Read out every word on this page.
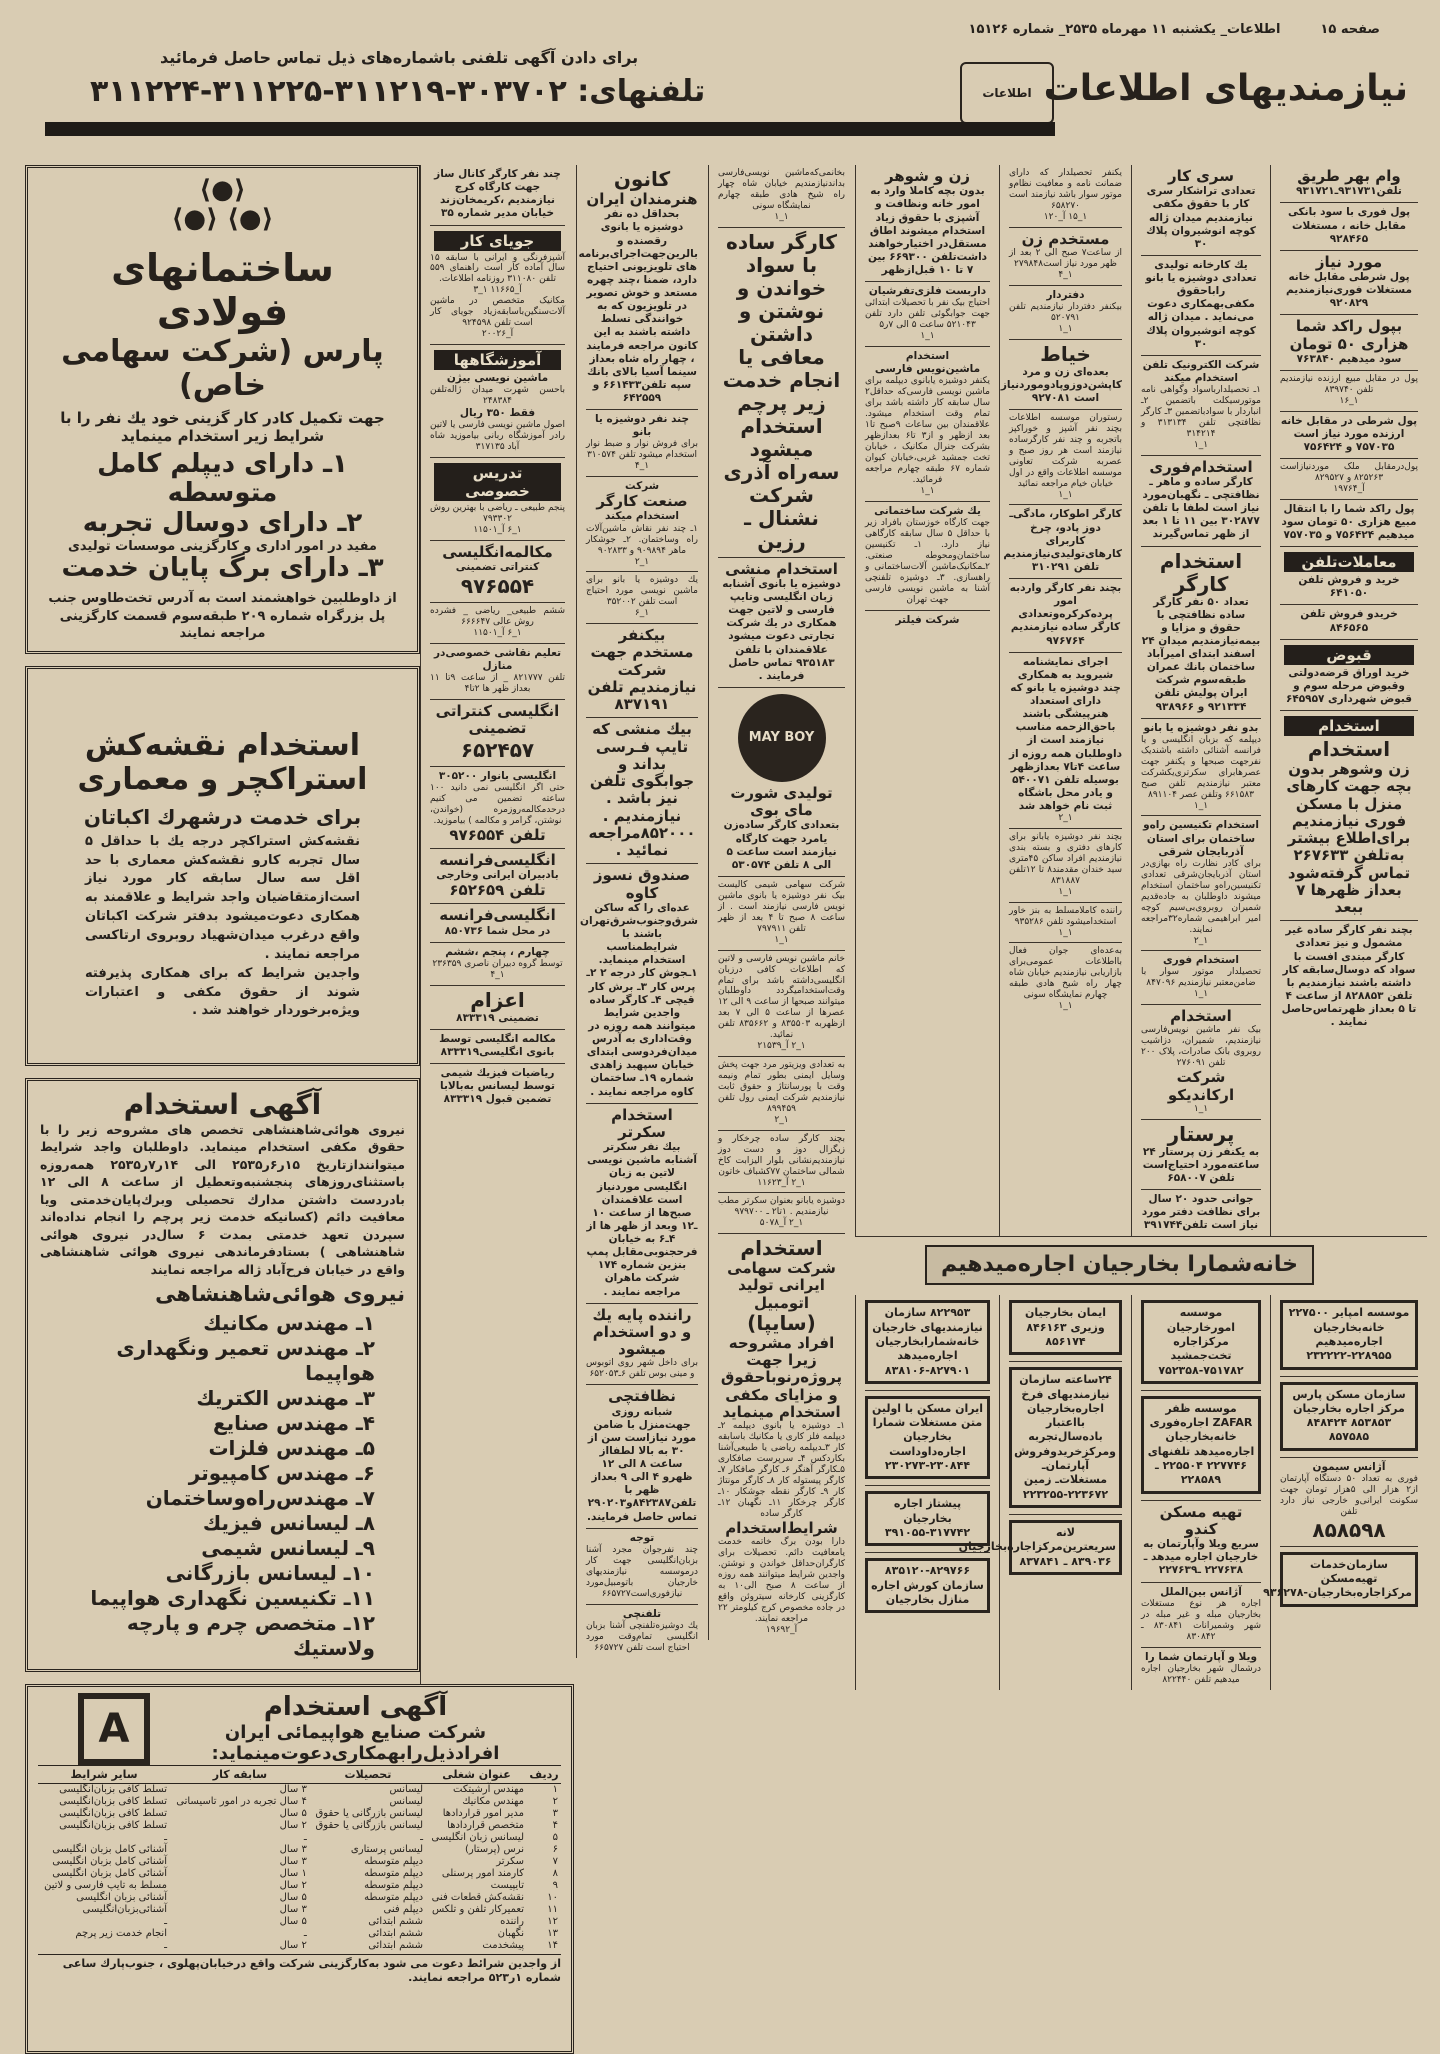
صفحه ۱۵اطلاعات_ یکشنبه ۱۱ مهرماه ۲۵۳۵_ شماره ۱۵۱۲۶
نیازمندیهای اطلاعات
اطلاعات
برای دادن آگهی تلفنی باشماره‌های ذیل تماس حاصل فرمائید
تلفنهای: ۳۰۳۷۰۲-۳۱۱۲۱۹-۳۱۱۲۲۵-۳۱۱۲۲۴
⟨●⟩
⟨●⟩ ⟨●⟩
ساختمانهای فولادی
پارس (شرکت سهامی خاص)
جهت تکمیل کادر کار گزینی خود یك نفر را با شرایط زیر استخدام مینماید
۱ـ دارای دیپلم کامل متوسطه
۲ـ دارای دوسال تجربه
مفید در امور اداری و کارگزینی موسسات تولیدی
۳ـ دارای برگ پایان خدمت
از داوطلبین خواهشمند است به آدرس تخت‌طاوس جنب پل بزرگراه شماره ۲۰۹ طبقه‌سوم قسمت کارگزینی مراجعه نمایند
استخدام نقشه‌کش
استراکچر و معماری
برای خدمت درشهرك اکباتان
نقشه‌کش استراکچر درجه یك با حداقل ۵ سال تجربه کارو نقشه‌کش معماری با حد اقل سه سال سابقه کار مورد نیاز است‌ازمتقاضیان واجد شرایط و علاقمند به همکاری دعوت‌میشود بدفتر شرکت اکباتان واقع درغرب میدان‌شهیاد روبروی ارتاکسی مراجعه نمایند .
واجدین شرایط که برای همکاری پذیرفته شوند از حقوق مکفی و اعتبارات ویژه‌برخوردار خواهند شد .
آگهی استخدام
نیروی هوائی‌شاهنشاهی تخصص های مشروحه زیر را با حقوق مکفی استخدام مینماید. داوطلبان واجد شرایط میتوانندازتاریخ ۱۵ر۶ر۲۵۳۵ الی ۱۴ر۷ر۲۵۳۵ همه‌روزه باستثنای‌روزهای پنجشنبه‌وتعطیل از ساعت ۸ الی ۱۲ بادردست داشتن مدارك تحصیلی وبرك‌پایان‌خدمتی ویا معافیت دائم (کسانیکه خدمت زیر پرچم را انجام نداده‌اند سپردن تعهد خدمتی بمدت ۶ سال‌در نیروی هوائی شاهنشاهی ) بستادفرماندهی نیروی هوائی شاهنشاهی واقع در خیابان فرح‌آباد ژاله مراجعه نمایند
نیروی هوائی‌شاهنشاهی
۱ـ مهندس مکانیك
۲ـ مهندس تعمیر ونگهداری هواپیما
۳ـ مهندس الکتریك
۴ـ مهندس صنایع
۵ـ مهندس فلزات
۶ـ مهندس کامپیوتر
۷ـ مهندس‌راه‌وساختمان
۸ـ لیسانس فیزیك
۹ـ لیسانس شیمی
۱۰ـ لیسانس بازرگانی
۱۱ـ تکنیسین نگهداری هواپیما
۱۲ـ متخصص چرم و پارچه ولاستیك
چند نفر کارگر کانال ساز جهت کارگاه کرج نیازمندیم ،کریمخان‌زند خیابان مدیر شماره ۳۵
جویای کار
آشپزفرنگی و ایرانی با سابقه ۱۵ سال آماده کار است راهنمای ۵۵۹ تلفن ۳۱۱۰۸۰ روزنامه اطلاعات.
آ_۱۱۶۶۵ ۱_۳
مکانیک متخصص در ماشین آلات‌سنگین‌باسابقه‌زیاد جویای کار است تلفن ۹۲۴۵۹۸
آ_۲۰۰۲۶
آموزشگاهها
ماشین نویسی بیژن
باحسن شهرت میدان ژاله‌تلفن ۲۴۸۳۸۴
فقط ۳۵۰ ریال
اصول ماشین نویسی فارسی یا لاتین رادر آموزشگاه ربانی بیاموزید شاه آباد ۳۱۷۱۳۵
تدریس خصوصی
پنجم طبیعی ـ ریاضی با بهترین روش ۷۹۳۳۰۲
۱_۶ آ_۱۱۵۰۱
مکالمه‌انگلیسی
کنتراتی تضمینی
۹۷۶۵۵۴
ششم طبیعی_ ریاضی _ فشرده روش عالی ۶۶۶۶۴۷
۱_۶ آ_۱۱۵۰۱
تعلیم نقاشی خصوصی‌در منازل
تلفن ۸۲۱۷۷۷ _ از ساعت ۹تا ۱۱ بعداز ظهر ها ۲تا۴
انگلیسی کنتراتی تضمینی
۶۵۲۴۵۷
انگلیسی بانوار ۳۰۵۲۰۰
حتی اگر انگلیسی نمی دانید ۱۰۰ ساعته تضمین می کنیم درحدمکالمه‌روزمره (خواندن، نوشتن، گرامر و مکالمه ) بیاموزید.
تلفن ۹۷۶۵۵۴
انگلیسی‌فرانسه
بادبیران ایرانی وخارجی
تلفن ۶۵۲۶۵۹
انگلیسی‌فرانسه
در محل شما ۸۵۰۷۳۶
چهارم ، پنجم ،ششم
توسط گروه دبیران ناصری ۲۳۶۳۵۹
۱_۴
اعزام
تضمینی ۸۳۳۳۱۹
مکالمه انگلیسی توسط بانوی انگلیسی۸۳۳۳۱۹
ریاضیات فیزیك شیمی توسط لیسانس به‌بالابا تضمین قبول ۸۳۳۳۱۹
آگهی استخدام
شرکت صنایع هواپیمائی ایران
افرادذیل‌رابهمکاری‌دعوت‌مینماید:
A
ردیف	عنوان شغلی	تحصیلات	سابقه کار	سایر شرایط
۱	مهندس آرشیتکت	لیسانس	۳ سال	تسلط کافی بزبان‌انگلیسی
۲	مهندس مکانیك	لیسانس	۴ سال تجربه در امور تاسیساتی	تسلط کافی بزبان‌انگلیسی
۳	مدیر امور قراردادها	لیسانس بازرگانی یا حقوق	۵ سال	تسلط کافی بزبان‌انگلیسی
۴	متخصص قراردادها	لیسانس بازرگانی یا حقوق	۲ سال	تسلط کافی بزبان‌انگلیسی
۵	لیسانس زبان انگلیسی	ـ	ـ	ـ
۶	نرس (پرستار)	لیسانس پرستاری	۳ سال	آشنائی کامل بزبان انگلیسی
۷	سکرتر	دیپلم متوسطه	۳ سال	آشنائی کامل بزبان انگلیسی
۸	کارمند امور پرسنلی	دیپلم متوسطه	۱ سال	آشنائی کامل بزبان انگلیسی
۹	تایپیست	دیپلم متوسطه	۲ سال	مسلط به تایپ فارسی و لاتین
۱۰	نقشه‌کش قطعات فنی	دیپلم متوسطه	۵ سال	آشنائی بزبان انگلیسی
۱۱	تعمیرکار تلفن و تلکس	دیپلم فنی	۳ سال	آشنائی‌بزبان‌انگلیسی
۱۲	راننده	ششم ابتدائی	۵ سال	ـ
۱۳	نگهبان	ششم ابتدائی	ـ	انجام خدمت زیر پرچم
۱۴	پیشخدمت	ششم ابتدائی	۲ سال	ـ
از واجدین شرائط دعوت می شود به‌کارگزینی شرکت واقع درخیابان‌پهلوی ، جنوب‌پارك ساعی شماره ۱ر۵۲۳ مراجعه نمایند.
کانون
هنرمندان ایران
بحداقل ده نفر دوشیزه یا بانوی رقصنده و بالرین‌جهت‌اجرای‌برنامه های تلویزیونی احتیاج دارد، ضمنا ،چند چهره مستعد و خوش تصویر در تلویزیون که به خوانندگی تسلط داشته باشند به این کانون مراجعه فرمایند ، چهار راه شاه بعداز سینما آسیا بالای بانك سپه تلفن۶۶۱۴۳۳ و ۶۴۲۵۵۹
چند نفر دوشیزه یا بانو
برای فروش نوار و ضبط نوار استخدام میشود تلفن ۳۱۰۵۷۴
۱_۴
شرکت
صنعت کارگر
استخدام میکند
۱ـ چند نفر نقاش ماشین‌آلات راه وساختمان. ۲ـ جوشکار ماهر ۹۰۹۸۹۴ و ۹۰۲۸۳۳
۱_۲
یك دوشیزه یا بانو برای ماشین نویسی مورد احتیاج است تلفن ۳۵۲۰۰۲
۱_۶
بیکنفر مستخدم جهت شرکت نیازمندیم تلفن ۸۳۷۱۹۱
بیك منشی که تایپ فـرسی بداند و جوابگوی تلفن نیز باشد . نیازمندیم . ۸۵۲۰۰۰مراجعه نمائید .
صندوق نسوز کاوه
عده‌ای را که ساکن شرق‌وجنوب‌شرق‌تهران باشند با شرایطمناسب استخدام مینماید. ۱ـجوش کار درجه ۲ ۲ـ پرس کار ۳ـ برش کار قیچی ۴ـ کارگر ساده واجدین شرایط میتوانند همه روزه در وقت‌اداری به آدرس میدان‌فردوسی ابتدای خیابان سپهبد زاهدی شماره ۱۹ـ ساختمان کاوه مراجعه نمایند .
استخدام سکرتر
بیك نفر سکرتر آشنابه ماشین نویسی لاتین به زبان انگلیسی موردنیاز است علاقمندان صبح‌ها از ساعت ۱۰ ـ۱۲ وبعد از ظهر ها از ۴ـ۶ به خیابان فرحجنوبی‌مقابل پمپ بنزین شماره ۱۷۴ شرکت ماهران مراجعه نمایند .
راننده پایه یك و دو استخدام میشود
برای داخل شهر روی اتوبوس و مینی بوس تلفن ۶ـ۶۵۲۰۵۳
نظافتچی
شبانه روزی جهت‌منزل با ضامن مورد نیازاست سن از ۳۰ به بالا لطفااز ساعت ۸ الی ۱۲ ظهرو ۴ الی ۹ بعداز ظهر با تلفن۸۴۲۳۸۷و۲۹۰۲۰۳ تماس حاصل فرمایند.
توجه
چند نفرجوان مجرد آشنا بزبان‌انگلیسی جهت کار درموسسه نیازمندیهای خارجیان باتومبیل‌مورد نیازفوری‌است۶۶۵۷۲۷
تلفنچی
یك دوشیزه‌تلفنچی آشنا بزبان انگلیسی تمام‌وقت مورد احتیاج است تلفن ۶۶۵۷۲۷
بخانمی‌که‌ماشین نویسی‌فارسی بداند‌نیازمندیم خیابان شاه چهار راه شیخ هادی طبقه چهارم نمایشگاه سونی
۱_۱
کارگر ساده با سواد خواندن و نوشتن و داشتن معافی یا انجام خدمت زیر پرچم استخدام میشود سه‌راه آذری شرکت نشنال ـ رزین
استخدام منشی
دوشیزه یا بانوی آشنابه زبان انگلیسی وتایپ فارسی و لاتین جهت همکاری در یك شرکت تجارتی دعوت میشود علاقمندان با تلفن ۹۳۵۱۸۳ تماس حاصل فرمایند .
MAY BOY
تولیدی شورت مای بوی
بتعدادی کارگر ساده‌زن یامرد جهت کارگاه نیازمند است ساعت ۵ الی ۸ تلفن ۵۳۰۵۷۴
شرکت سهامی شیمی کالیست بیک نفر دوشیزه یا بانوی ماشین نویس فارسی نیازمند است . از ساعت ۸ صبح تا ۴ بعد از ظهر تلفن ۷۹۷۹۱۱
۱_۱
خانم ماشین نویس فارسی و لاتین که اطلاعات کافی درزبان انگلیسی‌داشته باشد برای تمام وقت‌استخدامیگردد داوطلبان میتوانند صبحها از ساعت ۹ الی ۱۲ عصرها از ساعت ۵ الی ۷ بعد ازظهربه ۸۳۵۵۰۳ و ۸۳۵۶۶۲ تلفن نمائید.
۱_۲ آ_۲۱۵۳۹
به تعدادی ویزیتور مرد جهت پخش وسایل ایمنی بطور تمام ونیمه وقت با پورسانتاژ و حقوق ثابت نیازمندیم شرکت ایمنی رول تلفن ۸۹۹۴۵۹
۱_۲
بچند کارگر ساده چرخکار و زیگزال دوز و دست دوز نیازمندیم‌نشانی بلوار الیزابت کاخ شمالی ساختمان ۷۷کشباف خاتون
۱_۲ آ_۱۱۶۲۳
دوشیزه یابانو بعنوان سکرتر مطب نیازمندیم . ۱تا۲ ـ ۹۷۹۷۰۰
۱_۲ آ_۵۰۷۸
استخدام
شرکت سهامی ایرانی تولید اتومبیل
(سایپا)
افراد مشروحه زیرا جهت پروژه‌رنوباحقوق و مزایای مکفی استخدام مینماید
۱ـ دوشیزه یا بانوی دیپلمه ۲ـ دیپلمه فلز کاری یا مکانیك باسابقه کار ۳ـدیپلمه ریاضی یا طبیعی‌آشنا بکاردکس ۴ـ سرپرست صافکاری ۵ـکارگر آهنگر ۶ـ کارگر صافکار ۷ـ کارگر پیستوله کار ۸ـ کارگر مونتاژ کار ۹ـ کارگر نقطه جوشکار ۱۰ـ کارگر چرخکار ۱۱ـ نگهبان ۱۲ـ کارگر ساده
شرایط‌استخدام
دارا بودن برگ خاتمه خدمت یامعافیت دائم. تحصیلات برای کارگران‌حداقل خواندن و نوشتن. واجدین شرایط میتوانند همه روزه از ساعت ۸ صبح الی۱۰ به کارگزینی کارخانه سیتروئن واقع در جاده مخصوص کرج کیلومتر ۲۲ مراجعه نمایند.
آ_۱۹۶۹۲
زن و شوهر
بدون بچه کاملا وارد به امور خانه ونظافت و آشپزی با حقوق زیاد استخدام میشوند اطاق مستقل‌در اختیارخواهند داشت‌تلفن ۶۶۹۳۰۰ بین ۷ تا ۱۰ قبل‌ازظهر
داربست فلزی‌تفرشیان
احتیاج بیک نفر با تحصیلات ابتدائی جهت جوابگوئی تلفن دارد تلفن ۵۲۱۰۴۳ ساعت ۵ الی ۷ر۵
۱_۱
استخدام
ماشین‌نویس فارسی
یکنفر دوشیزه یابانوی دیپلمه برای ماشین نویسی فارسی‌که حداقل۲ سال سابقه کار داشته باشد برای تمام وقت استخدام میشود. علاقمندان بین ساعات ۹صبح تا۱ بعد ازظهر و از۳ تا۶ بعدازظهر بشرکت جنرال مکانیک ، خیابان تخت جمشید غربی،خیابان کیوان شماره ۶۷ طبقه چهارم مراجعه فرمائید.
۱_۱
یك شرکت ساختمانی
جهت کارگاه خوزستان بافراد زیر با حداقل ۵ سال سابقه کارگاهی نیاز دارد. ۱ـ تکنیسین ساختمان‌ومحوطه صنعتی. ۲ـمکانیک‌ماشین آلات‌ساختمانی و راهسازی. ۳ـ دوشیزه تلفنچی آشنا به ماشین نویسی فارسی جهت تهران
شرکت فیلتر
یکنفر تحصیلدار که دارای ضمانت نامه و معافیت نظام‌و موتور سوار باشد نیازمند است ۶۵۸۲۷۰
۱_۱۵ آ_۱۲۰
مستخدم زن
از ساعت۷ صبح الی ۲ بعد از ظهر مورد نیاز است۲۷۹۸۴۸
۱_۴
دفتردار
بیکنفر دفتردار نیازمندیم تلفن ۵۲۰۷۹۱
۱_۱
خیاط
بعده‌ای زن و مرد کاپشن‌دوزوپادومورد‌نیاز است ۹۲۷۰۸۱
رستوران موسسه اطلاعات بچند نفر آشپز و خوراکپز باتجربه و چند نفر کارگرساده نیازمند است هر روز صبح و عصربه شرکت تعاونی موسسه اطلاعات واقع در اول خیابان خیام مراجعه نمائید
۱_۱
کارگر اطوکار، مادگی‌ـ دوز پادو، چرخ کاربرای کارهای‌تولیدی‌نیازمندیم تلفن ۳۱۰۲۹۱
بچند نفر کارگر واردبه امور پرده‌کرکره‌وتعدادی کارگر ساده نیازمندیم ۹۷۶۷۶۴
اجرای نمایشنامه شیروید به همکاری چند دوشیزه یا بانو که دارای استعداد هنرپیشگی باشند باحق‌الزحمه مناسب نیازمند است از داوطلبان همه روزه از ساعت ۴تا۷ بعدازظهر بوسیله تلفن ۵۴۰۰۷۱ و یادر محل باشگاه ثبت نام خواهد شد
۱_۲
بچند نفر دوشیزه یابانو برای کارهای دفتری و بسته بندی نیازمندیم افراد ساکن ۴۵متری سید خندان مقدمند۸ تا ۱۲تلفن ۸۳۱۸۸۷
۱_۱
راننده کاملامسلط به بنز خاور استخدامیشود تلفن ۹۳۵۲۸۶
۱_۱
به‌عده‌ای جوان فعال بااطلاعات عمومی‌برای بازاریابی نیازمندیم خیابان شاه چهار راه شیخ هادی طبقه چهارم نمایشگاه سونی
۱_۱
سری کار
تعدادی تراشکار سری کار با حقوق مکفی نیازمندیم میدان ژاله کوچه انوشیروان پلاك ۳۰
یك کارخانه تولیدی تعدادی دوشیزه یا بانو راباحقوق مکفی‌بهمکاری دعوت می‌نماید . میدان ژاله کوچه انوشیروان پلاك ۳۰
شرکت الکترونیک تلفن استخدام میکند
۱ـ تحصیلداربا‌سواد وگواهی نامه موتورسیکلت باتضمین ۲ـ انباردار با سوادباتضمین ۳ـ کارگر نظافتچی تلفن ۳۱۳۱۳۴ و ۳۱۴۲۱۴
۱_۱
استخدام‌فوری
کارگر ساده و ماهر ـ نظافتچی ـ نگهبان‌مورد نیاز است لطفا با تلفن ۳۰۲۸۷۷ بین ۱۱ تا ۱ بعد از ظهر تماس‌گیرند
استخدام کارگر
تعداد ۵۰ نفر کارگر ساده نظافتچی با حقوق و مزایا و بیمه‌نیازمندیم میدان ۲۴ اسفند ابتدای امیرآباد ساختمان بانك عمران طبقه‌سوم شرکت ایران پولیش تلفن ۹۲۱۳۳۴ و ۹۳۸۹۶۶
بدو نفر دوشیزه یا بانو
دیپلمه که بزبان انگلیسی و یا فرانسه آشنائی داشته باشندیک نفرجهت صبحها و یکنفر جهت عصرهابرای سکرتری‌یکشرکت معتبر نیازمندیم تلفن صبح ۶۶۱۵۸۳ وتلفن عصر ۸۹۱۱۰۴
۱_۱
استخدام تکنیسین راه‌و ساختمان برای استان آذربایجان شرقی
برای کادر نظارت راه بهازی‌در استان آذربایجان‌شرقی تعدادی تکنیسین‌راه‌و ساختمان استخدام میشوند داوطلبان به جاده‌قدیم شمیران روبروی‌بی‌سیم کوچه امیر ابراهیمی شماره۳۲مراجعه نمایند.
۱_۲
استخدام فوری
تحصیلدار موتور سوار با ضامن‌معتبر نیازمندیم ۸۴۷۰۹۶
۱_۱
استخدام
بیک نفر ماشین نویس‌فارسی نیازمندیم، شمیران، دزاشیب روبروی بانک صادرات، پلاک ۲۰۰ تلفن ۲۷۶۰۹۱
شرکت ارکاندیکو
۱_۱
پرستار
به یکنفر زن پرستار ۲۴ ساعته‌مورد احتیاج‌است تلفن ۶۵۸۰۰۷
جوانی حدود ۲۰ سال برای نظافت دفتر مورد نیاز است تلفن۳۹۱۷۴۴
وام بهر طریق
تلفن۹۳۱۷۳۱ـ۹۳۱۷۲۱
پول فوری با سود بانکی مقابل خانه ، مستغلات ۹۲۸۴۶۵
مورد نیاز
پول شرطی مقابل خانه مستغلات فوری‌نیازمندیم ۹۲۰۸۲۹
بپول راکد شما
هزاری ۵۰ تومان
سود میدهیم ۷۶۳۸۴۰
پول در مقابل مبیع ارزنده نیازمندیم تلفن ۸۳۹۷۴۰
۱_۱۶
پول شرطی در مقابل خانه ارزنده مورد نیاز است ۷۵۷۰۳۵ و ۷۵۶۴۲۴
پول‌درمقابل ملک موردنیازاست ۸۲۵۲۶۳ و ۸۲۹۵۲۷
آ_۱۹۷۶۴
پول راکد شما را با انتقال مبیع هزاری ۵۰ تومان سود میدهیم ۷۵۶۴۲۴ و ۷۵۷۰۳۵
معاملات‌تلفن
خرید و فروش تلفن ۶۴۱۰۵۰
خریدو فروش تلفن ۸۴۶۵۶۵
قبوض
خرید اوراق قرضه‌دولتی وقبوض مرحله سوم و قبوض شهرداری ۶۴۵۹۵۷
استخدام
استخدام
زن وشوهر بدون بچه جهت کارهای منزل با مسکن فوری نیازمندیم برای‌اطلاع بیشتر به‌تلفن ۲۶۷۶۳۳ تماس گرفته‌شود بعداز ظهرها ۷ ببعد
بچند نفر کارگر ساده غیر مشمول و نیز تعدادی کارگر مبتدی افست با سواد که دوسال‌سابقه کار داشته باشند نیازمندیم با تلفن ۸۲۸۸۵۳ از ساعت ۴ تا ۵ بعداز ظهرتماس‌حاصل نمایند .
خانه‌شمارا بخارجیان اجاره‌میدهیم
۸۲۲۹۵۳ سازمان نیازمندیهای خارجیان خانه‌شمارابخارجیان اجاره‌میدهد ۸۲۷۹۰۱-۸۳۸۱۰۶
ایران مسکن با اولین متن مستغلات شمارا بخارجیان اجاره‌داوداست ۲۳۰۸۴۴-۲۳۰۲۷۳
پیشتاز اجاره بخارجیان ۳۱۷۷۴۲-۳۹۱۰۵۵
۸۳۵۱۲۰-۸۲۹۷۶۶ سازمان کورش اجاره منازل بخارجیان
ایمان بخارجیان وزیری ۸۴۶۱۶۳ ۸۵۶۱۷۴
۲۴ساعته سازمان نیازمندیهای فرخ اجاره‌بخارجیان بااعتبار باده‌سال‌تجربه ومرکزخریدوفروش آپارتمان‌ـ مستغلات‌ـ زمین ۲۲۳۶۷۲-۲۲۳۲۵۵
لانه سریعترین‌مرکزاجاره‌بخارجیان ۸۳۹۰۳۶ ـ ۸۳۷۸۴۱
موسسه امورخارجیان مرکزاجاره تخت‌جمشید ۷۵۱۷۸۲-۷۵۲۳۵۸
موسسه ظفر ZAFAR اجاره‌فوری خانه‌بخارجیان اجاره‌میدهد تلفنهای ۲۲۷۷۴۶ ۲۲۵۵۰۴ ـ ۲۲۸۵۸۹
تهیه مسکن کندو
سریع ویلا وآپارتمان به خارجیان اجاره میدهد ـ ۲۲۷۶۳۸ ـ۲۲۷۶۳۹
آژانس بین‌الملل
اجاره هر نوع مستغلات بخارجیان مبله و غیر مبله در شهر وشمیرانات ۸۳۰۸۴۱ ـ ۸۳۰۸۴۲
ویلا و آپارتمان شما را
درشمال شهر بخارجیان اجاره میدهیم تلفن ۸۲۲۴۴۰
موسسه امپایر ۲۲۷۵۰۰ خانه‌بخارجیان اجاره‌میدهیم ۲۲۸۹۵۵-۲۳۲۲۲۲
سازمان مسکن پارس مرکز اجاره بخارجیان ۸۵۳۸۵۳ ۸۴۸۴۲۴ ۸۵۷۵۸۵
آژانس سیمون
فوری به تعداد ۵۰ دستگاه آپارتمان از۲ هزار الی ۵هزار تومان جهت سکونت ایرانی‌و خارجی نیاز دارد تلفن
۸۵۸۵۹۸
سازمان‌خدمات تهیه‌مسکن مرکزاجاره‌بخارجیان-۹۳۶۲۷۸
